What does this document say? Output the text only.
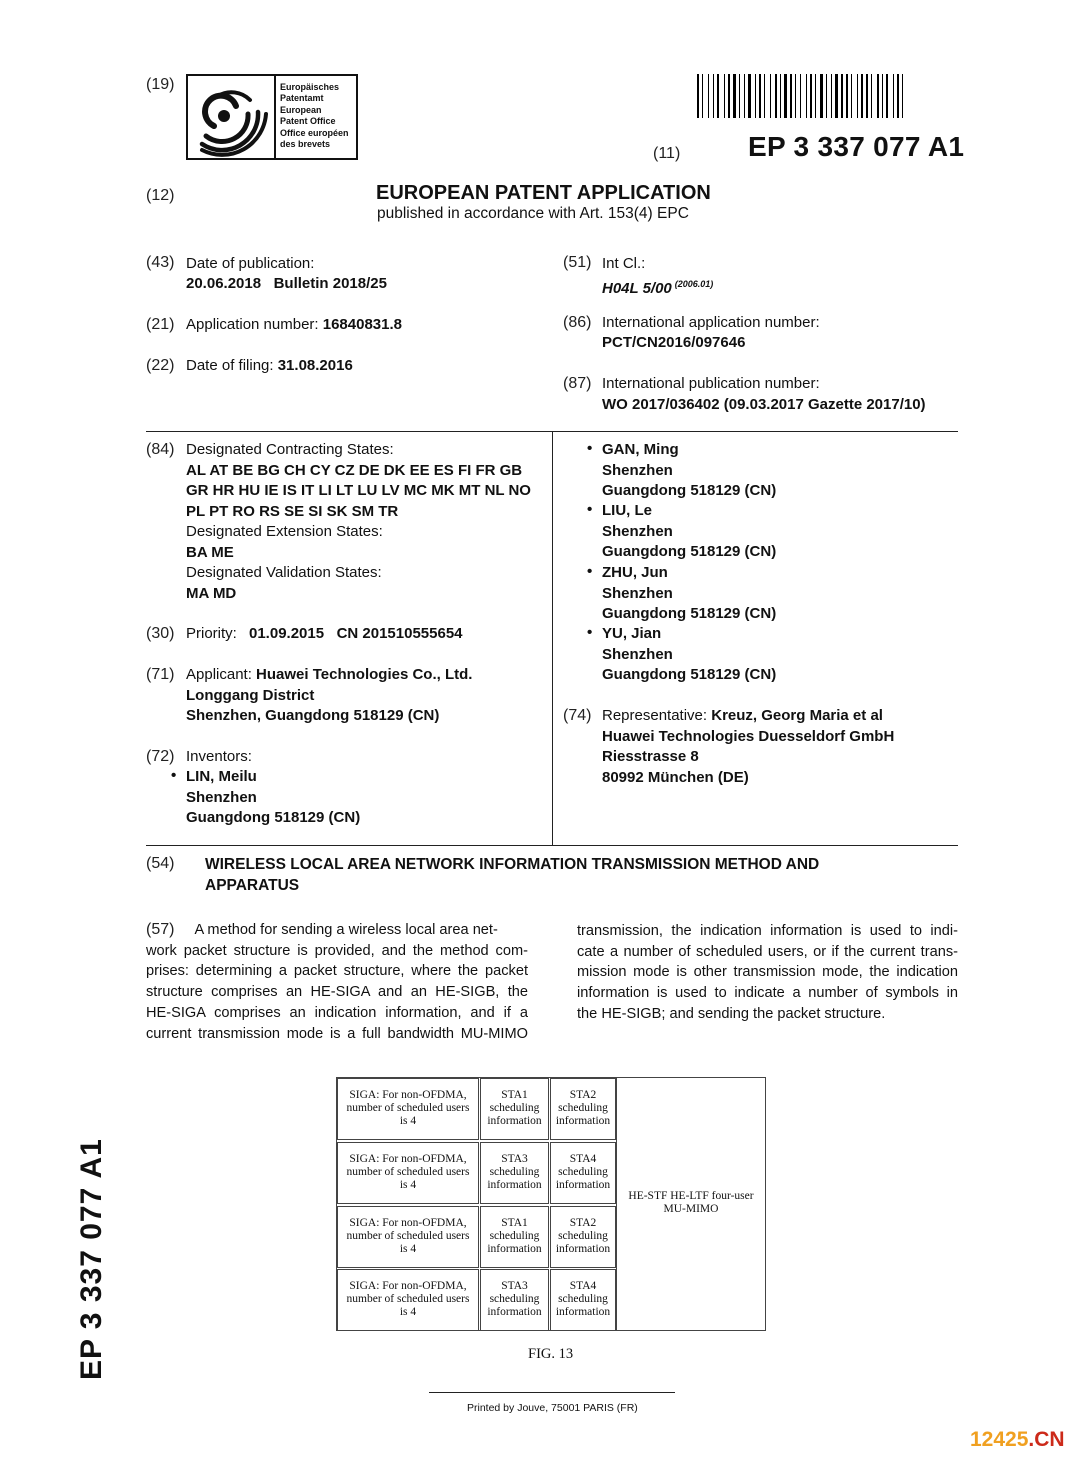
(19)	Europäisches
Patentamt
European
Patent Office
Office européen
des brevets
(11) EP 3 337 077 A1
(12)	EUROPEAN PATENT APPLICATION
published in accordance with Art. 153(4) EPC
(43) Date of publication:
20.06.2018   Bulletin 2018/25
(21) Application number: 16840831.8
(22) Date of filing: 31.08.2016
(51) Int Cl.:
H04L 5/00 $^{(2006.01)}$
(86) International application number:
PCT/CN2016/097646
(87) International publication number:
WO 2017/036402 (09.03.2017 Gazette 2017/10)
(84) Designated Contracting States:
AL AT BE BG CH CY CZ DE DK EE ES FI FR GB
GR HR HU IE IS IT LI LT LU LV MC MK MT NL NO
PL PT RO RS SE SI SK SM TR
Designated Extension States:
BA ME
Designated Validation States:
MA MD
(30) Priority: 01.09.2015   CN 201510555654
(71) Applicant: Huawei Technologies Co., Ltd.
Longgang District
Shenzhen, Guangdong 518129 (CN)
(72) Inventors:
• LIN, Meilu
Shenzhen
Guangdong 518129 (CN)
• GAN, Ming
Shenzhen
Guangdong 518129 (CN)
• LIU, Le
Shenzhen
Guangdong 518129 (CN)
• ZHU, Jun
Shenzhen
Guangdong 518129 (CN)
• YU, Jian
Shenzhen
Guangdong 518129 (CN)
(74) Representative: Kreuz, Georg Maria et al
Huawei Technologies Duesseldorf GmbH
Riesstrasse 8
80992 München (DE)
(54) WIRELESS LOCAL AREA NETWORK INFORMATION TRANSMISSION METHOD AND
APPARATUS
(57) A method for sending a wireless local area net-
work packet structure is provided, and the method com-
prises: determining a packet structure, where the packet
structure comprises an HE-SIGA and an HE-SIGB, the
HE-SIGA comprises an indication information, and if a
current transmission mode is a full bandwidth MU-MIMO
transmission, the indication information is used to indi-
cate a number of scheduled users, or if the current trans-
mission mode is other transmission mode, the indication
information is used to indicate a number of symbols in
the HE-SIGB; and sending the packet structure.
SIGA: For non-OFDMA,
number of scheduled users
is 4
STA1
scheduling
information
STA2
scheduling
information
SIGA: For non-OFDMA,
number of scheduled users
is 4
STA3
scheduling
information
STA4
scheduling
information
SIGA: For non-OFDMA,
number of scheduled users
is 4
STA1
scheduling
information
STA2
scheduling
information
SIGA: For non-OFDMA,
number of scheduled users
is 4
STA3
scheduling
information
STA4
scheduling
information
HE-STF HE-LTF four-user
MU-MIMO
FIG. 13
Printed by Jouve, 75001 PARIS (FR)
EP 3 337 077 A1
12425.CN
